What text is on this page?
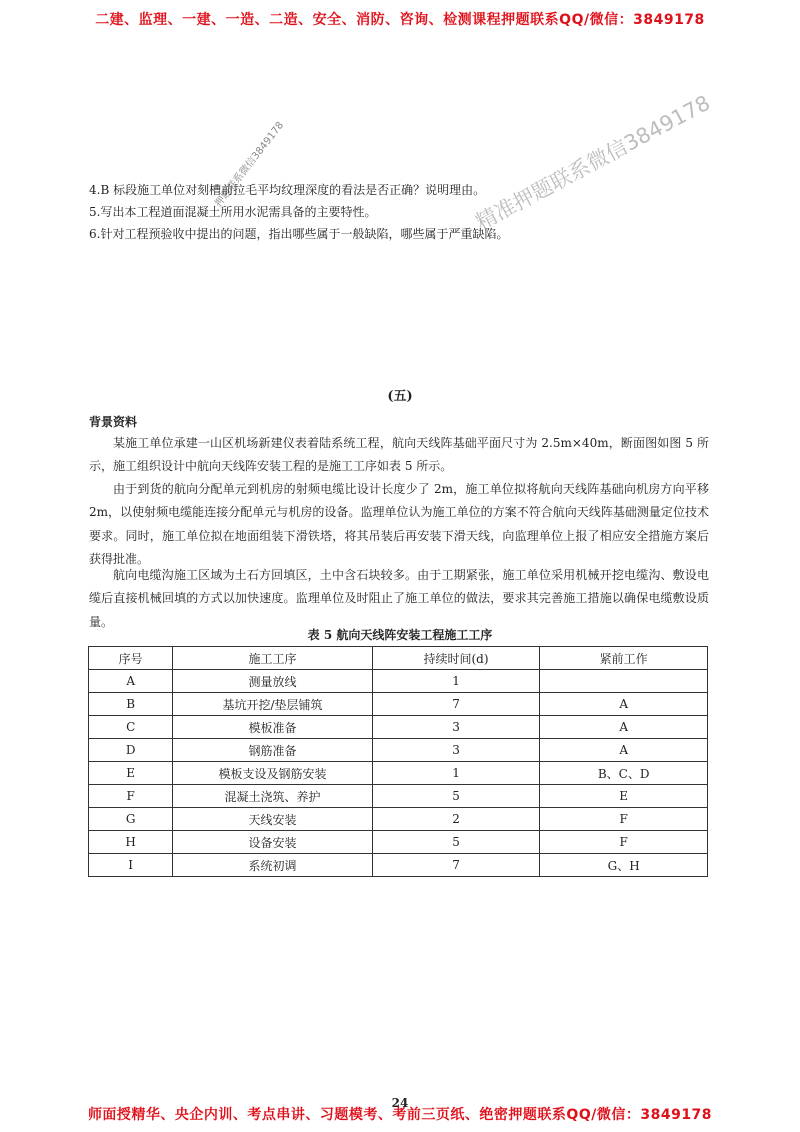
二建、监理、一建、一造、二造、安全、消防、咨询、检测课程押题联系QQ/微信：3849178
精准押题联系微信3849178
押题联系微信3849178
4.B 标段施工单位对刻槽前拉毛平均纹理深度的看法是否正确？说明理由。
5.写出本工程道面混凝土所用水泥需具备的主要特性。
6.针对工程预验收中提出的问题，指出哪些属于一般缺陷，哪些属于严重缺陷。
(五)
背景资料

某施工单位承建一山区机场新建仪表着陆系统工程，航向天线阵基础平面尺寸为 2.5m×40m，断面图如图 5 所示，施工组织设计中航向天线阵安装工程的是施工工序如表 5 所示。

由于到货的航向分配单元到机房的射频电缆比设计长度少了 2m，施工单位拟将航向天线阵基础向机房方向平移 2m，以使射频电缆能连接分配单元与机房的设备。监理单位认为施工单位的方案不符合航向天线阵基础测量定位技术要求。同时，施工单位拟在地面组装下滑铁塔，将其吊装后再安装下滑天线，向监理单位上报了相应安全措施方案后获得批准。

航向电缆沟施工区域为土石方回填区，土中含石块较多。由于工期紧张，施工单位采用机械开挖电缆沟、敷设电缆后直接机械回填的方式以加快速度。监理单位及时阻止了施工单位的做法，要求其完善施工措施以确保电缆敷设质量。

表 5 航向天线阵安装工程施工工序
序号	施工工序	持续时间(d)	紧前工作
A	测量放线	1	
B	基坑开挖/垫层铺筑	7	A
C	模板准备	3	A
D	钢筋准备	3	A
E	模板支设及钢筋安装	1	B、C、D
F	混凝土浇筑、养护	5	E
G	天线安装	2	F
H	设备安装	5	F
I	系统初调	7	G、H
24
师面授精华、央企内训、考点串讲、习题模考、考前三页纸、绝密押题联系QQ/微信：3849178
